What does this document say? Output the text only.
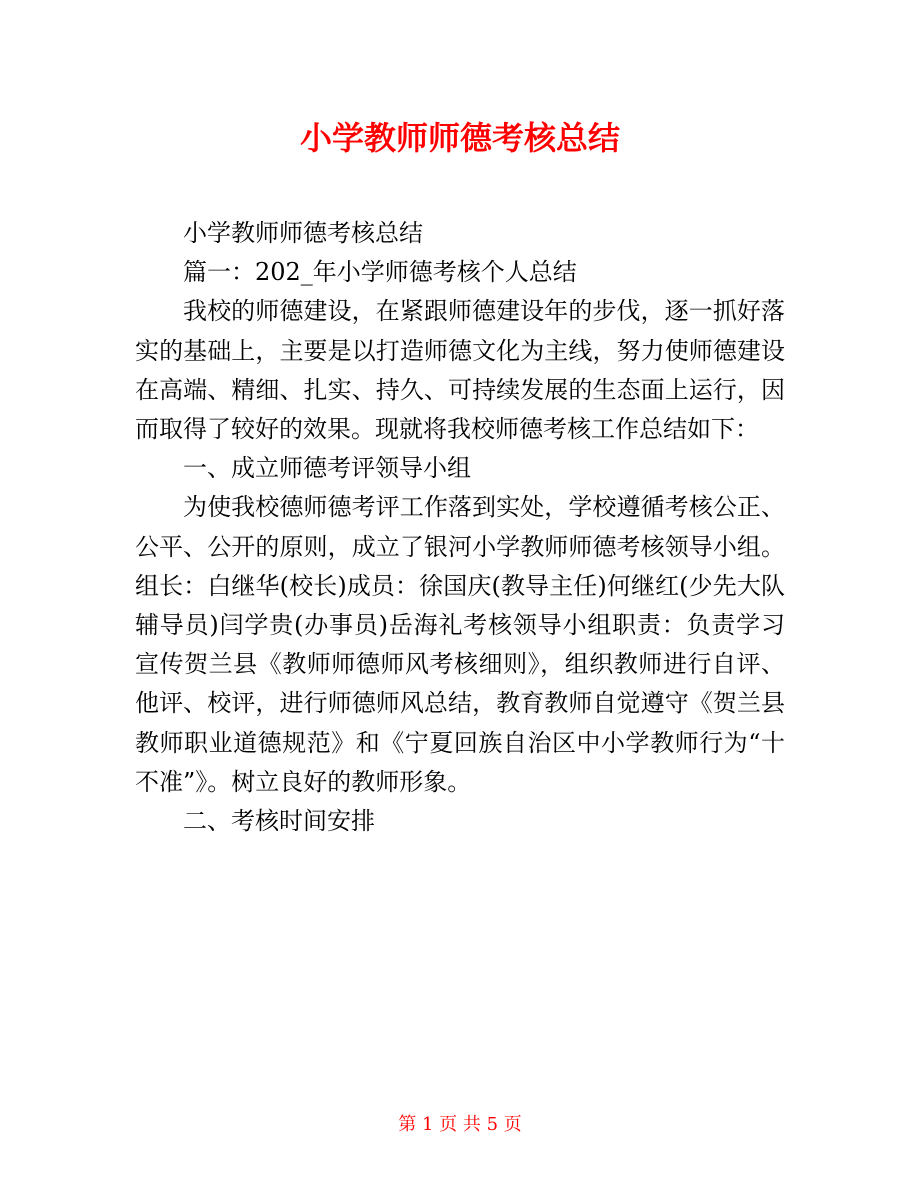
小学教师师德考核总结

小学教师师德考核总结

篇一：202_年小学师德考核个人总结

我校的师德建设，在紧跟师德建设年的步伐，逐一抓好落实的基础上，主要是以打造师德文化为主线，努力使师德建设在高端、精细、扎实、持久、可持续发展的生态面上运行，因而取得了较好的效果。现就将我校师德考核工作总结如下：

一、成立师德考评领导小组

为使我校德师德考评工作落到实处，学校遵循考核公正、公平、公开的原则，成立了银河小学教师师德考核领导小组。组长：白继华(校长)成员：徐国庆(教导主任)何继红(少先大队辅导员)闫学贵(办事员)岳海礼考核领导小组职责：负责学习宣传贺兰县《教师师德师风考核细则》，组织教师进行自评、他评、校评，进行师德师风总结，教育教师自觉遵守《贺兰县教师职业道德规范》和《宁夏回族自治区中小学教师行为“十不准”》。树立良好的教师形象。

二、考核时间安排

第 1 页 共 5 页
